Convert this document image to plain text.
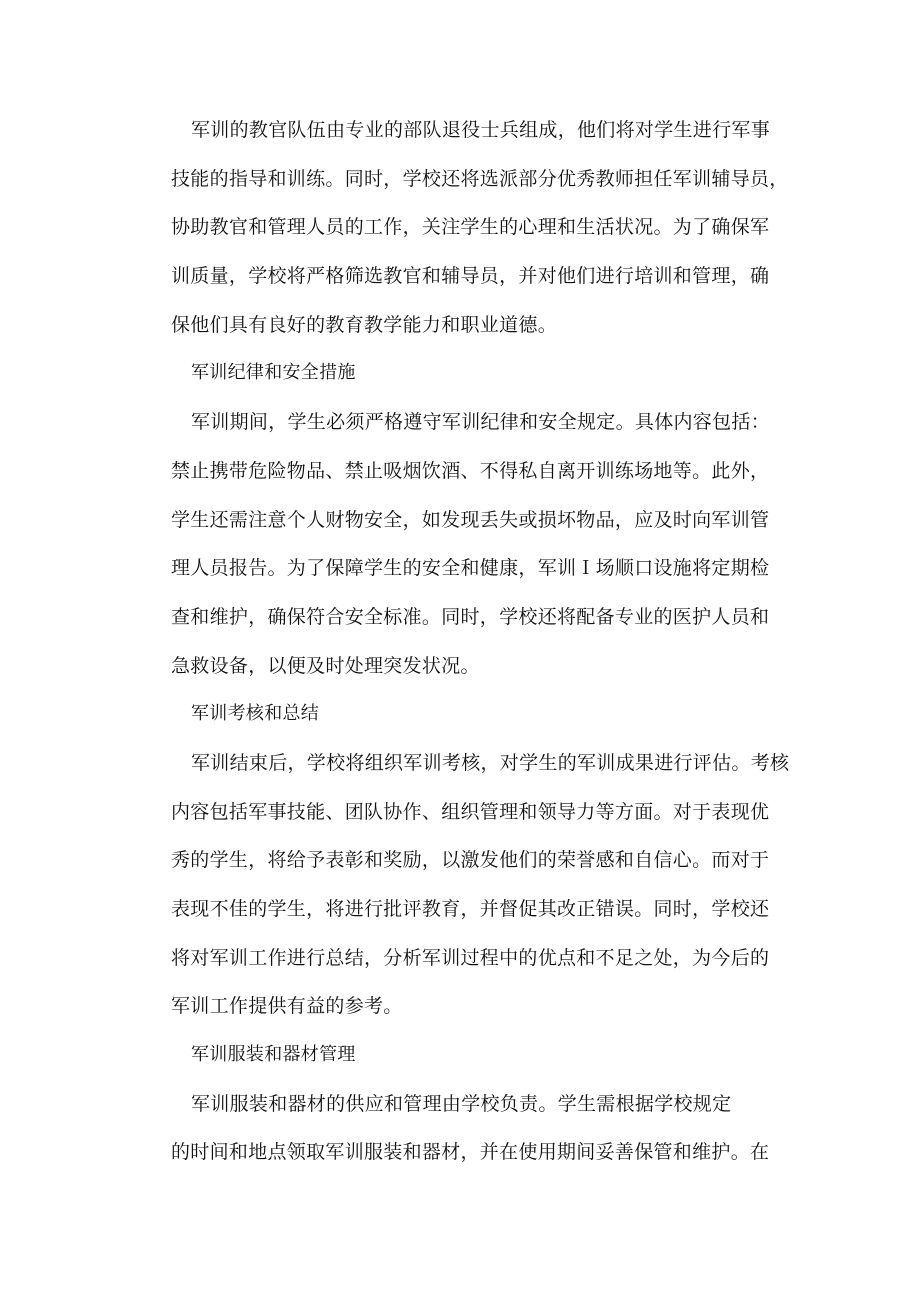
军训的教官队伍由专业的部队退役士兵组成，他们将对学生进行军事
技能的指导和训练。同时，学校还将选派部分优秀教师担任军训辅导员，
协助教官和管理人员的工作，关注学生的心理和生活状况。为了确保军
训质量，学校将严格筛选教官和辅导员，并对他们进行培训和管理，确
保他们具有良好的教育教学能力和职业道德。
军训纪律和安全措施
军训期间，学生必须严格遵守军训纪律和安全规定。具体内容包括：
禁止携带危险物品、禁止吸烟饮酒、不得私自离开训练场地等。此外，
学生还需注意个人财物安全，如发现丢失或损坏物品，应及时向军训管
理人员报告。为了保障学生的安全和健康，军训Ｉ场顺口设施将定期检
查和维护，确保符合安全标准。同时，学校还将配备专业的医护人员和
急救设备，以便及时处理突发状况。
军训考核和总结
军训结束后，学校将组织军训考核，对学生的军训成果进行评估。考核
内容包括军事技能、团队协作、组织管理和领导力等方面。对于表现优
秀的学生，将给予表彰和奖励，以激发他们的荣誉感和自信心。而对于
表现不佳的学生，将进行批评教育，并督促其改正错误。同时，学校还
将对军训工作进行总结，分析军训过程中的优点和不足之处，为今后的
军训工作提供有益的参考。
军训服装和器材管理
军训服装和器材的供应和管理由学校负责。学生需根据学校规定
的时间和地点领取军训服装和器材，并在使用期间妥善保管和维护。在
